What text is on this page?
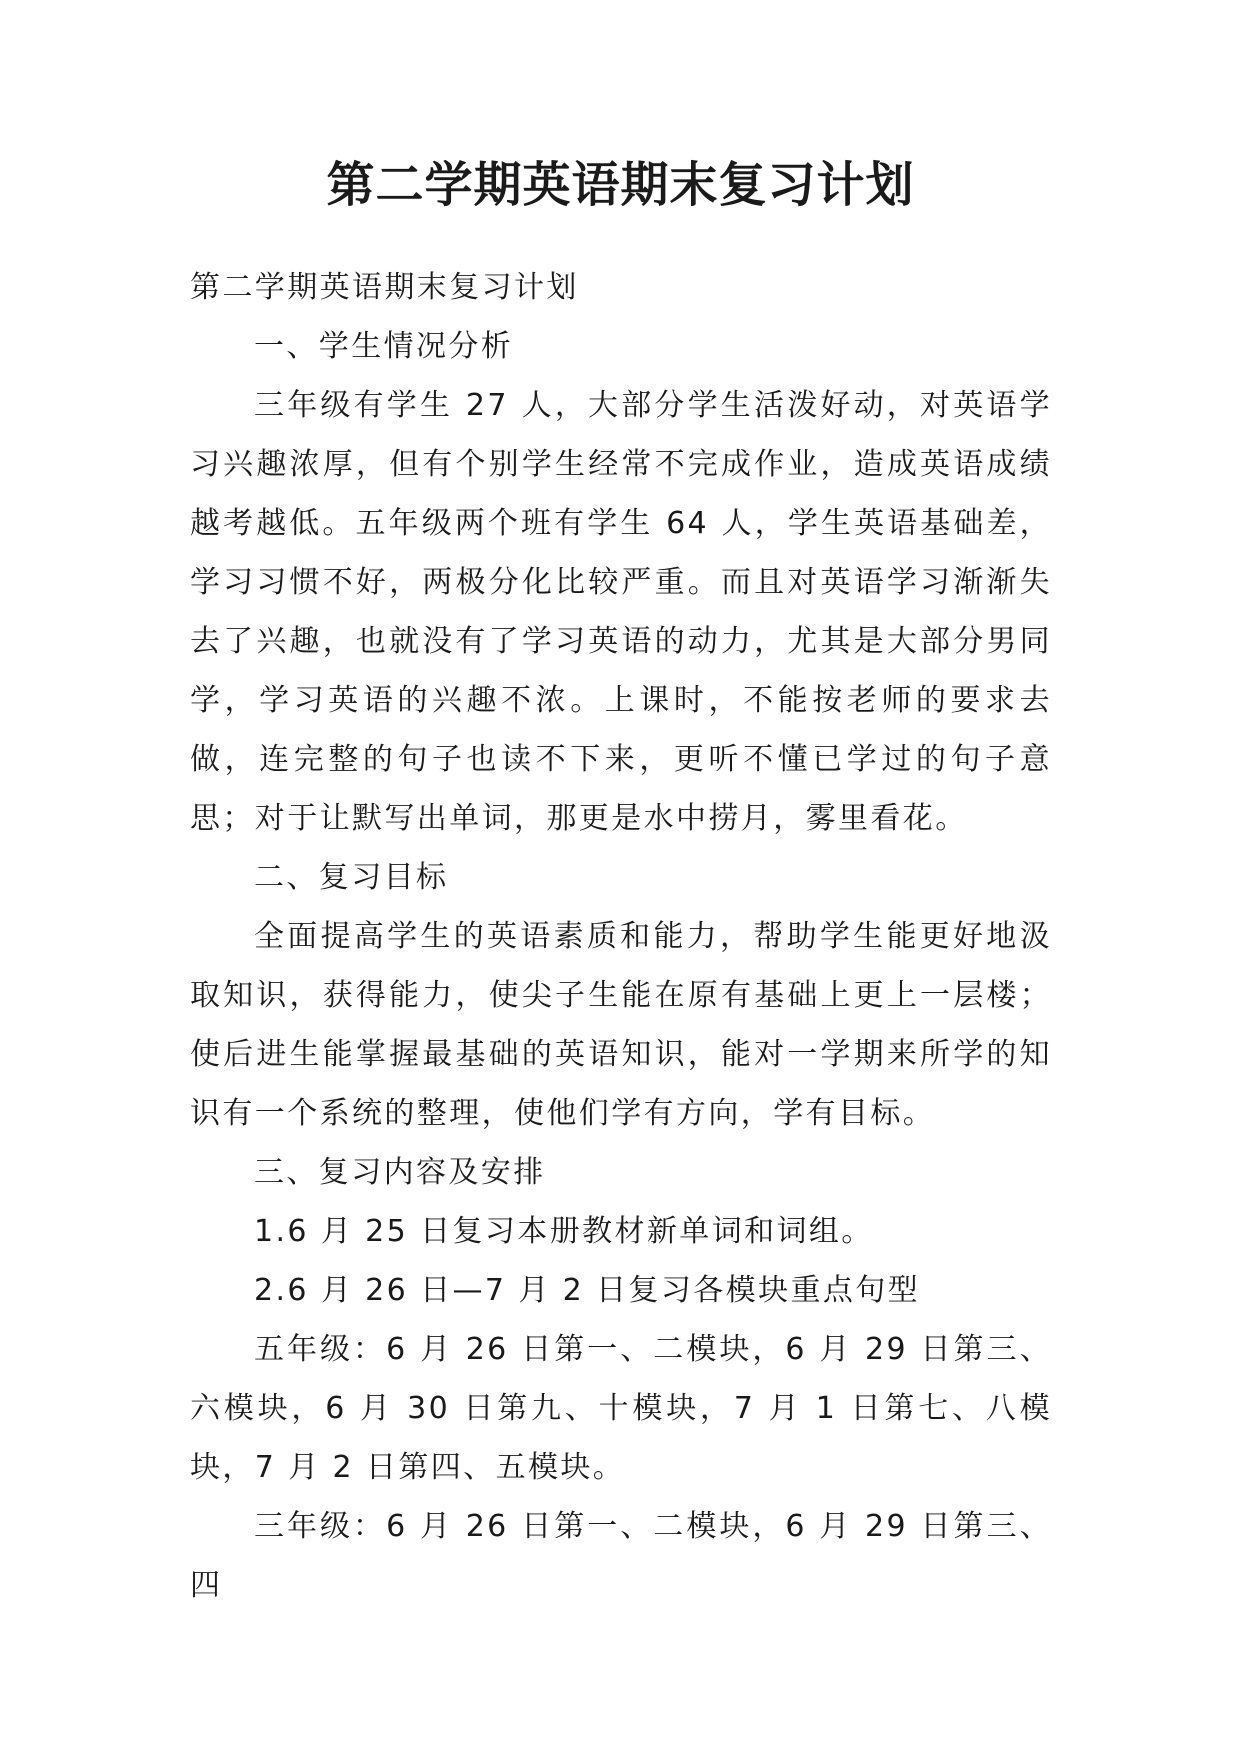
第二学期英语期末复习计划

第二学期英语期末复习计划

一、学生情况分析

三年级有学生 27 人，大部分学生活泼好动，对英语学习兴趣浓厚，但有个别学生经常不完成作业，造成英语成绩越考越低。五年级两个班有学生 64 人，学生英语基础差，学习习惯不好，两极分化比较严重。而且对英语学习渐渐失去了兴趣，也就没有了学习英语的动力，尤其是大部分男同学，学习英语的兴趣不浓。上课时，不能按老师的要求去做，连完整的句子也读不下来，更听不懂已学过的句子意思；对于让默写出单词，那更是水中捞月，雾里看花。

二、复习目标

全面提高学生的英语素质和能力，帮助学生能更好地汲取知识，获得能力，使尖子生能在原有基础上更上一层楼；使后进生能掌握最基础的英语知识，能对一学期来所学的知识有一个系统的整理，使他们学有方向，学有目标。

三、复习内容及安排

1.6 月 25 日复习本册教材新单词和词组。

2.6 月 26 日—7 月 2 日复习各模块重点句型

五年级：6 月 26 日第一、二模块，6 月 29 日第三、六模块，6 月 30 日第九、十模块，7 月 1 日第七、八模块，7 月 2 日第四、五模块。

三年级：6 月 26 日第一、二模块，6 月 29 日第三、四
